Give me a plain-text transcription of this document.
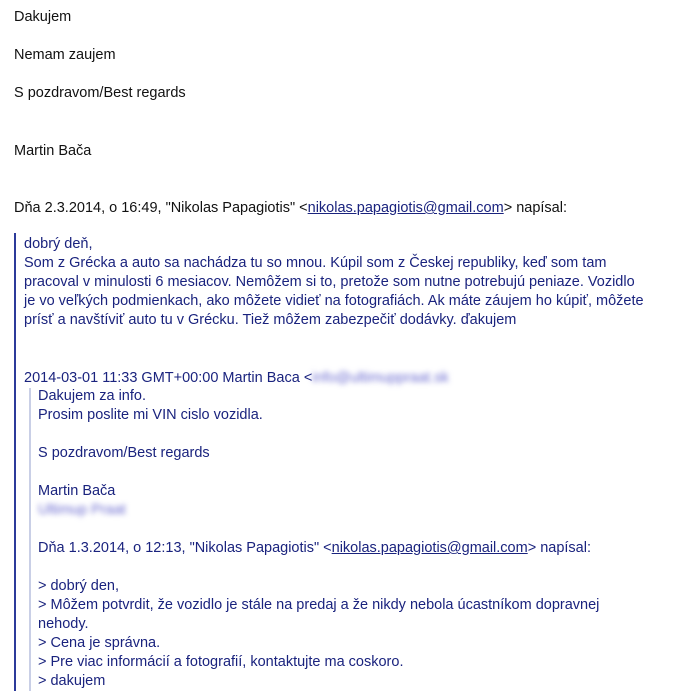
Dakujem
Nemam zaujem
S pozdravom/Best regards
Martin Bača
Dňa 2.3.2014, o 16:49, "Nikolas Papagiotis" <nikolas.papagiotis@gmail.com> napísal:
dobrý deň,
Som z Grécka a auto sa nachádza tu so mnou. Kúpil som z Českej republiky, keď som tam
pracoval v minulosti 6 mesiacov. Nemôžem si to, pretože som nutne potrebujú peniaze. Vozidlo
je vo veľkých podmienkach, ako môžete vidieť na fotografiách. Ak máte záujem ho kúpiť, môžete
prísť a navštíviť auto tu v Grécku. Tiež môžem zabezpečiť dodávky. ďakujem
2014-03-01 11:33 GMT+00:00 Martin Baca <info@ultimuppraat.sk>:
Dakujem za info.
Prosim poslite mi VIN cislo vozidla.
S pozdravom/Best regards
Martin Bača
Ultimup Praat
Dňa 1.3.2014, o 12:13, "Nikolas Papagiotis" <nikolas.papagiotis@gmail.com> napísal:
> dobrý den,
> Môžem potvrdit, že vozidlo je stále na predaj a že nikdy nebola úcastníkom dopravnej
nehody.
> Cena je správna.
> Pre viac informácií a fotografií, kontaktujte ma coskoro.
> dakujem
